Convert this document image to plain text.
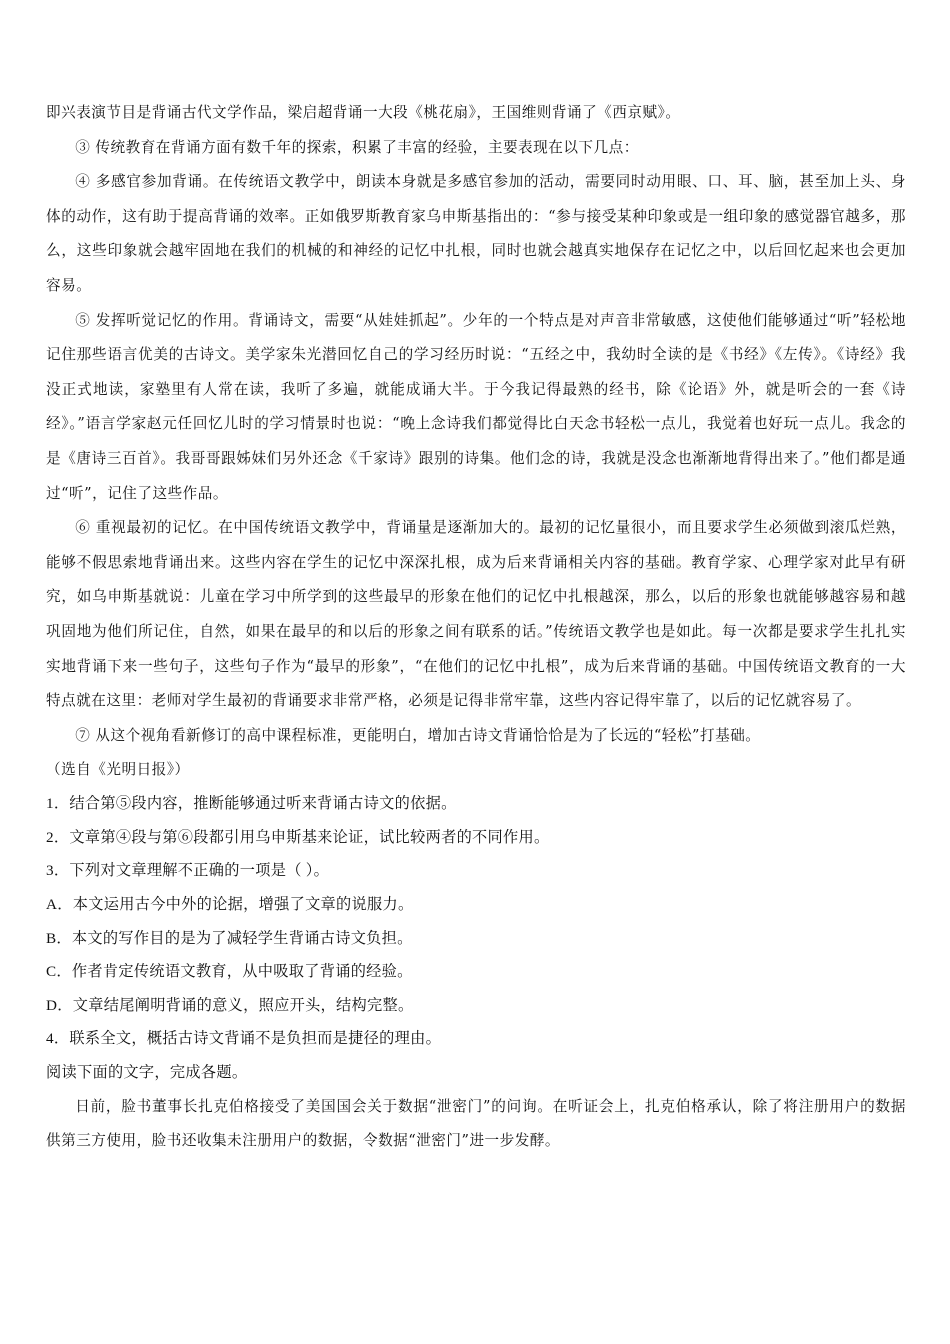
即兴表演节目是背诵古代文学作品，梁启超背诵一大段《桃花扇》，王国维则背诵了《西京赋》。

③ 传统教育在背诵方面有数千年的探索，积累了丰富的经验，主要表现在以下几点：

④ 多感官参加背诵。在传统语文教学中，朗读本身就是多感官参加的活动，需要同时动用眼、口、耳、脑，甚至加上头、身体的动作，这有助于提高背诵的效率。正如俄罗斯教育家乌申斯基指出的：“参与接受某种印象或是一组印象的感觉器官越多，那么，这些印象就会越牢固地在我们的机械的和神经的记忆中扎根，同时也就会越真实地保存在记忆之中，以后回忆起来也会更加容易。

⑤ 发挥听觉记忆的作用。背诵诗文，需要“从娃娃抓起”。少年的一个特点是对声音非常敏感，这使他们能够通过“听”轻松地记住那些语言优美的古诗文。美学家朱光潜回忆自己的学习经历时说：“五经之中，我幼时全读的是《书经》《左传》。《诗经》我没正式地读，家塾里有人常在读，我听了多遍，就能成诵大半。于今我记得最熟的经书，除《论语》外，就是听会的一套《诗经》。”语言学家赵元任回忆儿时的学习情景时也说：“晚上念诗我们都觉得比白天念书轻松一点儿，我觉着也好玩一点儿。我念的是《唐诗三百首》。我哥哥跟姊妹们另外还念《千家诗》跟别的诗集。他们念的诗，我就是没念也渐渐地背得出来了。”他们都是通过“听”，记住了这些作品。

⑥ 重视最初的记忆。在中国传统语文教学中，背诵量是逐渐加大的。最初的记忆量很小，而且要求学生必须做到滚瓜烂熟，能够不假思索地背诵出来。这些内容在学生的记忆中深深扎根，成为后来背诵相关内容的基础。教育学家、心理学家对此早有研究，如乌申斯基就说：儿童在学习中所学到的这些最早的形象在他们的记忆中扎根越深，那么，以后的形象也就能够越容易和越巩固地为他们所记住，自然，如果在最早的和以后的形象之间有联系的话。”传统语文教学也是如此。每一次都是要求学生扎扎实实地背诵下来一些句子，这些句子作为“最早的形象”，“在他们的记忆中扎根”，成为后来背诵的基础。中国传统语文教育的一大特点就在这里：老师对学生最初的背诵要求非常严格，必须是记得非常牢靠，这些内容记得牢靠了，以后的记忆就容易了。

⑦ 从这个视角看新修订的高中课程标准，更能明白，增加古诗文背诵恰恰是为了长远的“轻松”打基础。

（选自《光明日报》）

1．结合第⑤段内容，推断能够通过听来背诵古诗文的依据。

2．文章第④段与第⑥段都引用乌申斯基来论证，试比较两者的不同作用。

3．下列对文章理解不正确的一项是（ ）。

A．本文运用古今中外的论据，增强了文章的说服力。

B．本文的写作目的是为了减轻学生背诵古诗文负担。

C．作者肯定传统语文教育，从中吸取了背诵的经验。

D．文章结尾阐明背诵的意义，照应开头，结构完整。

4．联系全文，概括古诗文背诵不是负担而是捷径的理由。

阅读下面的文字，完成各题。

日前，脸书董事长扎克伯格接受了美国国会关于数据“泄密门”的问询。在听证会上，扎克伯格承认，除了将注册用户的数据供第三方使用，脸书还收集未注册用户的数据，令数据“泄密门”进一步发酵。
